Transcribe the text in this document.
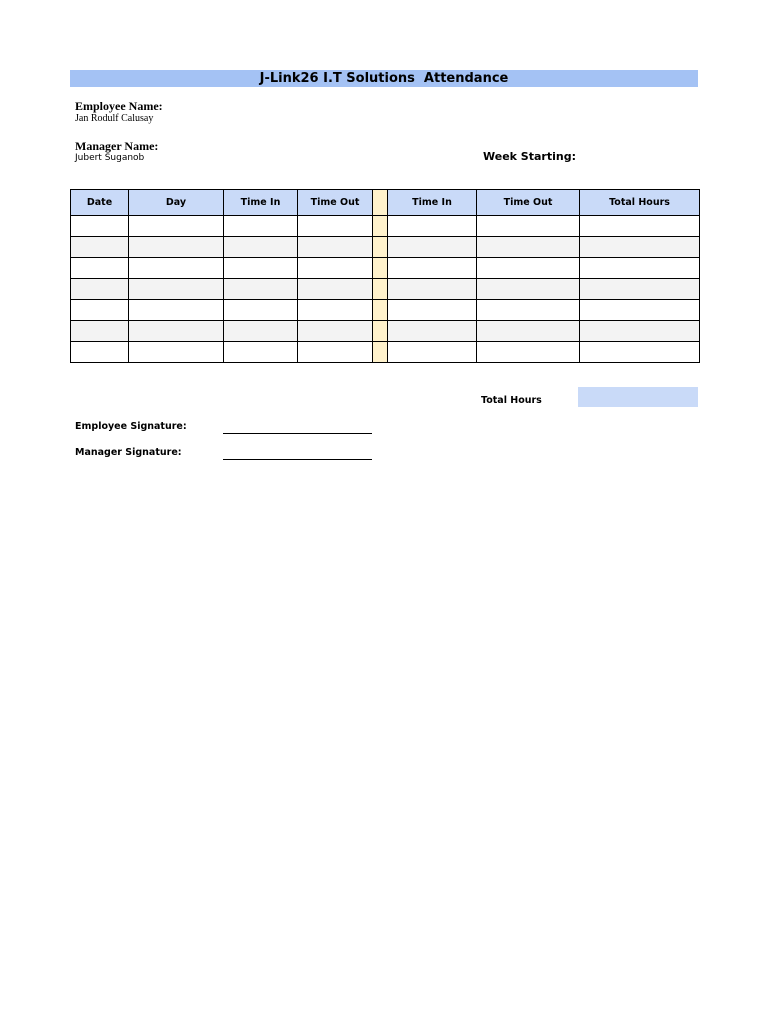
J-Link26 I.T Solutions  Attendance
Employee Name:
Jan Rodulf Calusay
Manager Name:
Jubert Suganob	Week Starting:
Date	Day	Time In	Time Out		Time In	Time Out	Total Hours

Total Hours
Employee Signature:
Manager Signature:
